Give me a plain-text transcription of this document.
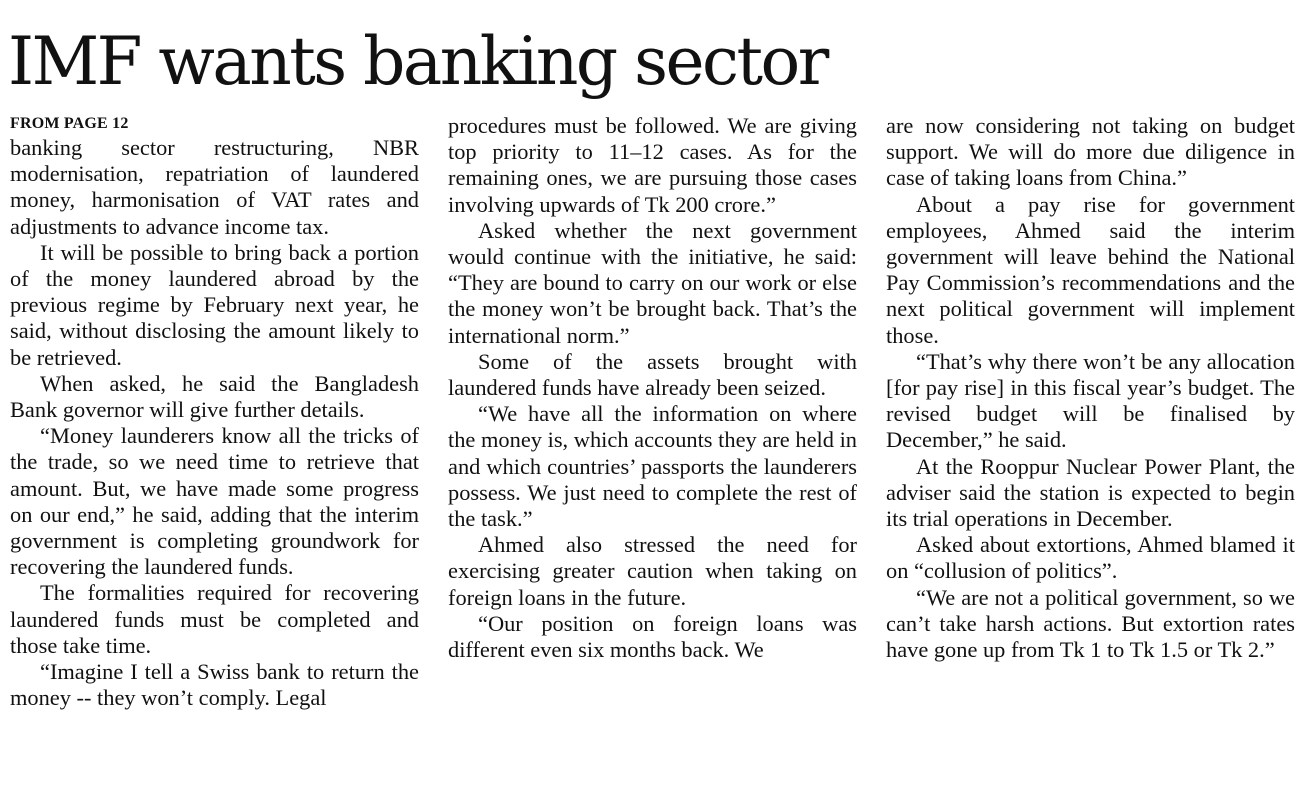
IMF wants banking sector
FROM PAGE 12

banking sector restructuring, NBR modernisation, repatriation of laundered money, harmonisation of VAT rates and adjustments to advance income tax.

It will be possible to bring back a portion of the money laundered abroad by the previous regime by February next year, he said, without disclosing the amount likely to be retrieved.

When asked, he said the Bangladesh Bank governor will give further details.

“Money launderers know all the tricks of the trade, so we need time to retrieve that amount. But, we have made some progress on our end,” he said, adding that the interim government is completing groundwork for recovering the laundered funds.

The formalities required for recovering laundered funds must be completed and those take time.

“Imagine I tell a Swiss bank to return the money -- they won’t comply. Legal

procedures must be followed. We are giving top priority to 11–12 cases. As for the remaining ones, we are pursuing those cases involving upwards of Tk 200 crore.”

Asked whether the next government would continue with the initiative, he said: “They are bound to carry on our work or else the money won’t be brought back. That’s the international norm.”

Some of the assets brought with laundered funds have already been seized.

“We have all the information on where the money is, which accounts they are held in and which countries’ passports the launderers possess. We just need to complete the rest of the task.”

Ahmed also stressed the need for exercising greater caution when taking on foreign loans in the future.

“Our position on foreign loans was different even six months back. We

are now considering not taking on budget support. We will do more due diligence in case of taking loans from China.”

About a pay rise for government employees, Ahmed said the interim government will leave behind the National Pay Commission’s recommendations and the next political government will implement those.

“That’s why there won’t be any allocation [for pay rise] in this fiscal year’s budget. The revised budget will be finalised by December,” he said.

At the Rooppur Nuclear Power Plant, the adviser said the station is expected to begin its trial operations in December.

Asked about extortions, Ahmed blamed it on “collusion of politics”.

“We are not a political government, so we can’t take harsh actions. But extortion rates have gone up from Tk 1 to Tk 1.5 or Tk 2.”
